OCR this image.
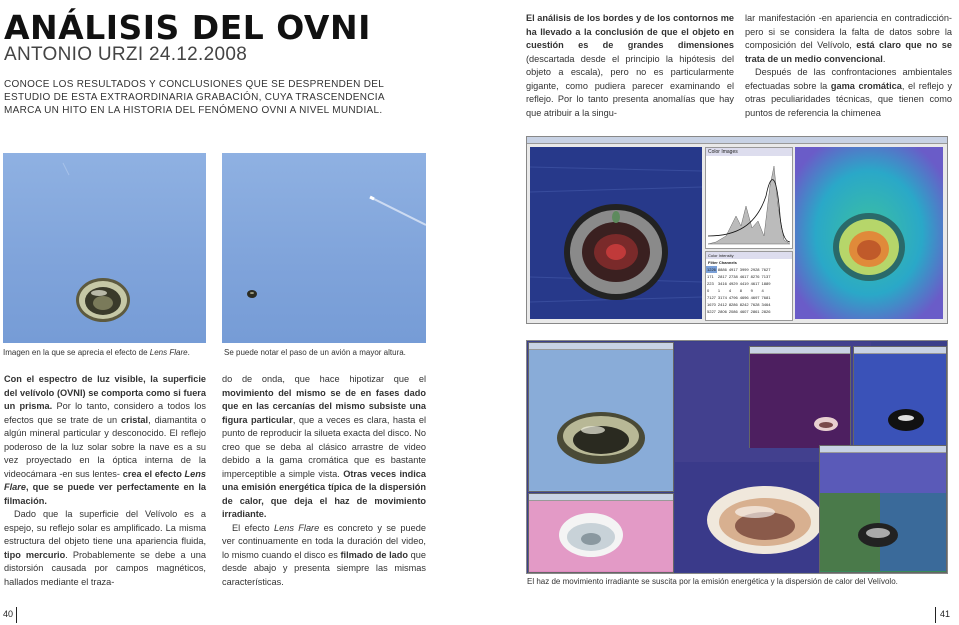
ANÁLISIS DEL OVNI
ANTONIO URZI 24.12.2008
CONOCE LOS RESULTADOS Y CONCLUSIONES QUE SE DESPRENDEN DEL ESTUDIO DE ESTA EXTRAORDINARIA GRABACIÓN, CUYA TRASCENDENCIA MARCA UN HITO EN LA HISTORIA DEL FENÓMENO OVNI A NIVEL MUNDIAL.
Imagen en la que se aprecia el efecto de Lens Flare.	Se puede notar el paso de un avión a mayor altura.

Con el espectro de luz visible, la superficie del velívolo (OVNI) se comporta como si fuera un prisma. Por lo tanto, considero a todos los efectos que se trate de un cristal, diamantita o algún mineral particular y desconocido. El reflejo poderoso de la luz solar sobre la nave es a su vez proyectado en la óptica interna de la videocámara -en sus lentes- crea el efecto Lens Flare, que se puede ver perfectamente en la filmación.

Dado que la superficie del Velívolo es a espejo, su reflejo solar es amplificado. La misma estructura del objeto tiene una apariencia fluida, tipo mercurio. Probablemente se debe a una distorsión causada por campos magnéticos, hallados mediante el traza-

do de onda, que hace hipotizar que el movimiento del mismo se de en fases dado que en las cercanías del mismo subsiste una figura particular, que a veces es clara, hasta el punto de reproducir la silueta exacta del disco. No creo que se deba al clásico arrastre de video debido a la gama cromática que es bastante imperceptible a simple vista. Otras veces indica una emisión energética típica de la dispersión de calor, que deja el haz de movimiento irradiante.

El efecto Lens Flare es concreto y se puede ver continuamente en toda la duración del video, lo mismo cuando el disco es filmado de lado que desde abajo y presenta siempre las mismas características.

40

El análisis de los bordes y de los contornos me ha llevado a la conclusión de que el objeto en cuestión es de grandes dimensiones (descartada desde el principio la hipótesis del objeto a escala), pero no es particularmente gigante, como pudiera parecer examinando el reflejo. Por lo tanto presenta anomalías que hay que atribuir a la singu-

lar manifestación -en apariencia en contradicción- pero si se considera la falta de datos sobre la composición del Velívolo, está claro que no se trata de un medio convencional.

Después de las confrontaciones ambientales efectuadas sobre la gama cromática, el reflejo y otras peculiaridades técnicas, que tienen como puntos de referencia la chimenea

Color Images
Color Intensity
Filter Channels
1226	8886	4917	3999	2928	7627
171	2817	2738	4617	8276	7137
223	3416	4929	4419	4617	1889
0	1	4	8	9	4
7127	3174	4796	4696	4697	7681
1670	2412	8286	8242	7628	3464
5227	2806	2086	4607	2861	2826
El haz de movimiento irradiante se suscita por la emisión energética y la dispersión de calor del Velívolo.
41
